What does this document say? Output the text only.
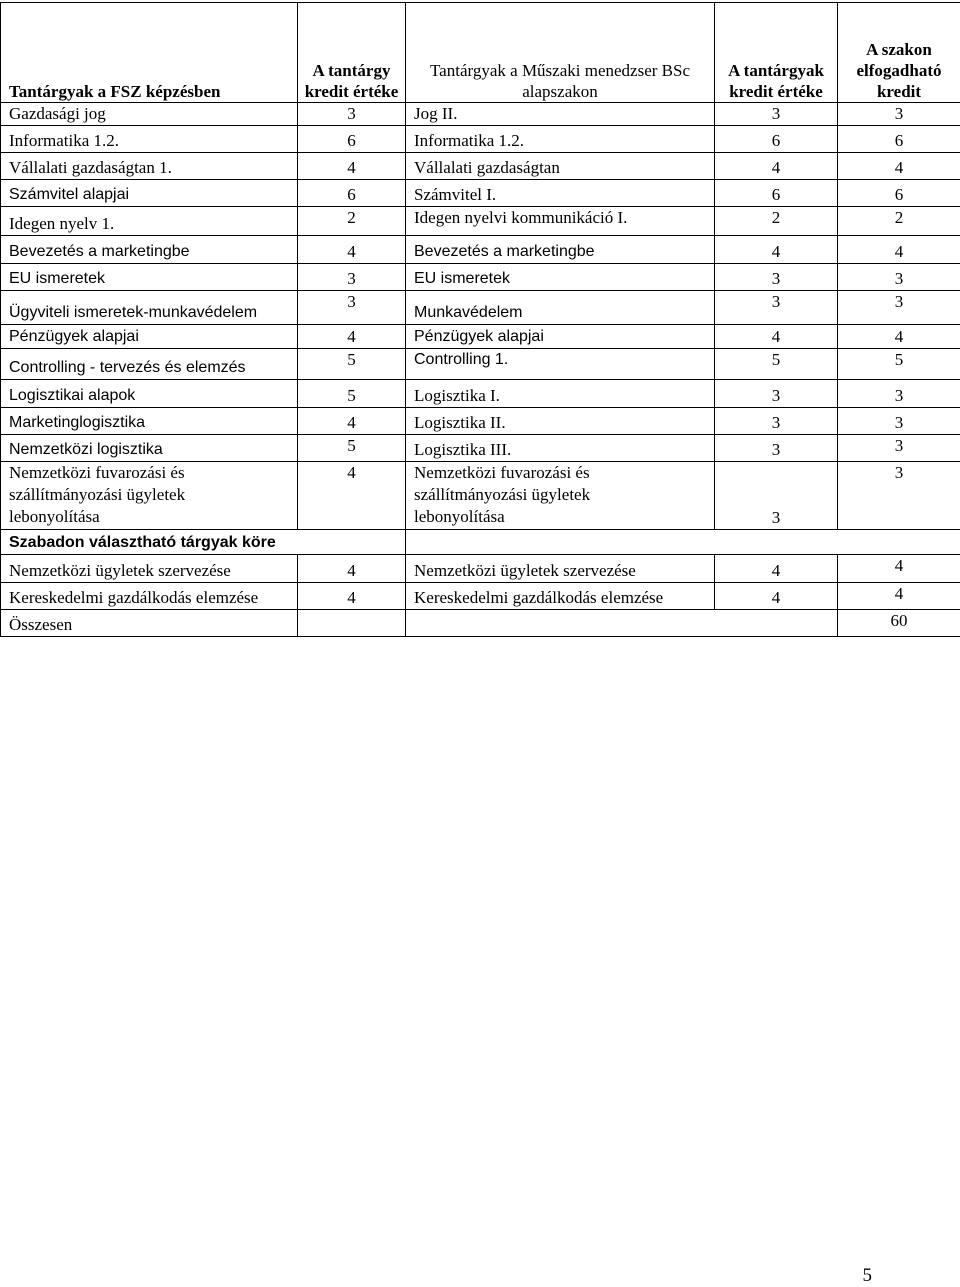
Tantárgyak a FSZ képzésben	A tantárgy kredit értéke	Tantárgyak a Műszaki menedzser BSc alapszakon	A tantárgyak kredit értéke	A szakon elfogadható kredit
Gazdasági jog	3	Jog II.	3	3
Informatika 1.2.	6	Informatika 1.2.	6	6
Vállalati gazdaságtan 1.	4	Vállalati gazdaságtan	4	4
Számvitel alapjai	6	Számvitel I.	6	6
Idegen nyelv 1.	2	Idegen nyelvi kommunikáció I.	2	2
Bevezetés a marketingbe	4	Bevezetés a marketingbe	4	4
EU ismeretek	3	EU ismeretek	3	3
Ügyviteli ismeretek-munkavédelem	3	Munkavédelem	3	3
Pénzügyek alapjai	4	Pénzügyek alapjai	4	4
Controlling - tervezés és elemzés	5	Controlling 1.	5	5
Logisztikai alapok	5	Logisztika I.	3	3
Marketinglogisztika	4	Logisztika II.	3	3
Nemzetközi logisztika	5	Logisztika III.	3	3
Nemzetközi fuvarozási és szállítmányozási ügyletek lebonyolítása	4	Nemzetközi fuvarozási és szállítmányozási ügyletek lebonyolítása	3	3
Szabadon választható tárgyak köre				
Nemzetközi ügyletek szervezése	4	Nemzetközi ügyletek szervezése	4	4
Kereskedelmi gazdálkodás elemzése	4	Kereskedelmi gazdálkodás elemzése	4	4
Összesen				60
5
